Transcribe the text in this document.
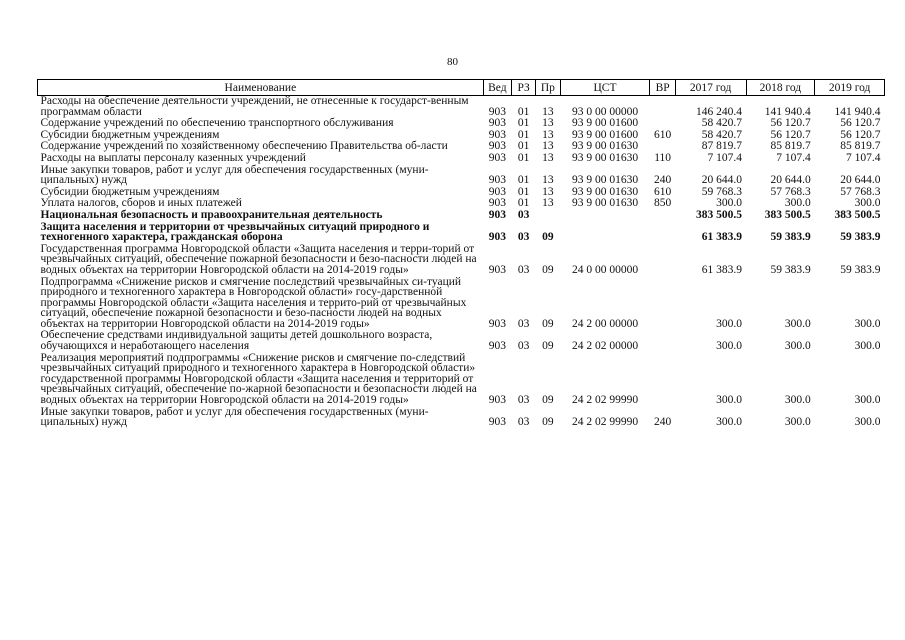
80
Наименование	Вед	РЗ	Пр	ЦСТ	ВР	2017 год	2018 год	2019 год
Расходы на обеспечение деятельности учреждений, не отнесенные к государст-венным программам области	903	01	13	93 0 00 00000		146 240.4	141 940.4	141 940.4
Содержание учреждений по обеспечению транспортного обслуживания	903	01	13	93 9 00 01600		58 420.7	56 120.7	56 120.7
Субсидии бюджетным учреждениям	903	01	13	93 9 00 01600	610	58 420.7	56 120.7	56 120.7
Содержание учреждений по хозяйственному обеспечению Правительства об-ласти	903	01	13	93 9 00 01630		87 819.7	85 819.7	85 819.7
Расходы на выплаты персоналу казенных учреждений	903	01	13	93 9 00 01630	110	7 107.4	7 107.4	7 107.4
Иные закупки товаров, работ и услуг для обеспечения государственных (муни-ципальных) нужд	903	01	13	93 9 00 01630	240	20 644.0	20 644.0	20 644.0
Субсидии бюджетным учреждениям	903	01	13	93 9 00 01630	610	59 768.3	57 768.3	57 768.3
Уплата налогов, сборов и иных платежей	903	01	13	93 9 00 01630	850	300.0	300.0	300.0
Национальная безопасность и правоохранительная деятельность	903	03				383 500.5	383 500.5	383 500.5
Защита населения и территории от чрезвычайных ситуаций природного и техногенного характера, гражданская оборона	903	03	09			61 383.9	59 383.9	59 383.9
Государственная программа Новгородской области «Защита населения и терри-торий от чрезвычайных ситуаций, обеспечение пожарной безопасности и безо-пасности людей на водных объектах на территории Новгородской области на 2014-2019 годы»	903	03	09	24 0 00 00000		61 383.9	59 383.9	59 383.9
Подпрограмма «Снижение рисков и смягчение последствий чрезвычайных си-туаций природного и техногенного характера в Новгородской области» госу-дарственной программы Новгородской области «Защита населения и террито-рий от чрезвычайных ситуаций, обеспечение пожарной безопасности и безо-пасности людей на водных объектах на территории Новгородской области на 2014-2019 годы»	903	03	09	24 2 00 00000		300.0	300.0	300.0
Обеспечение средствами индивидуальной защиты детей дошкольного возраста, обучающихся и неработающего населения	903	03	09	24 2 02 00000		300.0	300.0	300.0
Реализация мероприятий подпрограммы «Снижение рисков и смягчение по-следствий чрезвычайных ситуаций природного и техногенного характера в Новгородской области» государственной программы Новгородской области «Защита населения и территорий от чрезвычайных ситуаций, обеспечение по-жарной безопасности и безопасности людей на водных объектах на территории Новгородской области на 2014-2019 годы»	903	03	09	24 2 02 99990		300.0	300.0	300.0
Иные закупки товаров, работ и услуг для обеспечения государственных (муни-ципальных) нужд	903	03	09	24 2 02 99990	240	300.0	300.0	300.0
